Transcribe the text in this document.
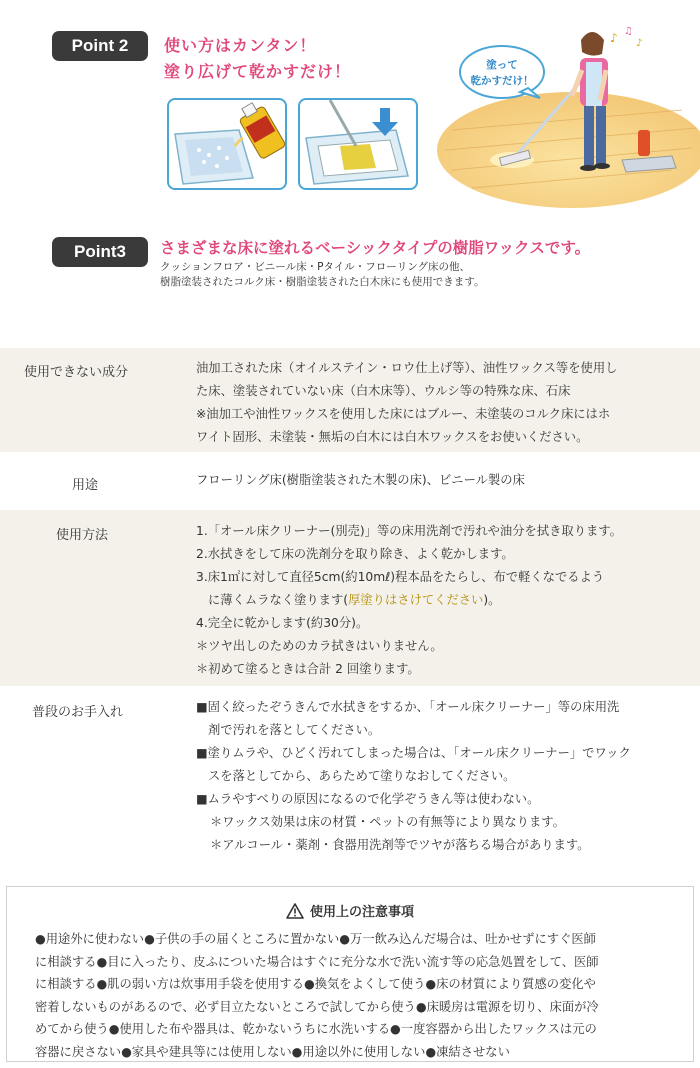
Point 2	使い方はカンタン！
塗り広げて乾かすだけ！
♪ ♫
♪
塗って
乾かすだけ！
Point3	さまざまな床に塗れるベーシックタイプの樹脂ワックスです。
クッションフロア・ビニール床・Pタイル・フローリング床の他、
樹脂塗装されたコルク床・樹脂塗装された白木床にも使用できます。
使用できない成分	油加工された床（オイルステイン・ロウ仕上げ等）、油性ワックス等を使用し
た床、塗装されていない床（白木床等）、ウルシ等の特殊な床、石床
※油加工や油性ワックスを使用した床にはブルー、未塗装のコルク床にはホ
ワイト固形、未塗装・無垢の白木には白木ワックスをお使いください。
用途	フローリング床(樹脂塗装された木製の床)、ビニール製の床
使用方法	1.「オール床クリーナー(別売)」等の床用洗剤で汚れや油分を拭き取ります。
2.水拭きをして床の洗剤分を取り除き、よく乾かします。
3.床1㎡に対して直径5cm(約10mℓ)程本品をたらし、布で軽くなでるよう
に薄くムラなく塗ります(厚塗りはさけてください)。
4.完全に乾かします(約30分)。
＊ツヤ出しのためのカラ拭きはいりません。
＊初めて塗るときは合計 2 回塗ります。
普段のお手入れ	■固く絞ったぞうきんで水拭きをするか、「オール床クリーナー」等の床用洗
剤で汚れを落としてください。
■塗りムラや、ひどく汚れてしまった場合は、「オール床クリーナー」でワック
スを落としてから、あらためて塗りなおしてください。
■ムラやすべりの原因になるので化学ぞうきん等は使わない。
＊ワックス効果は床の材質・ペットの有無等により異なります。
＊アルコール・薬剤・食器用洗剤等でツヤが落ちる場合があります。
使用上の注意事項
●用途外に使わない●子供の手の届くところに置かない●万一飲み込んだ場合は、吐かせずにすぐ医師
に相談する●目に入ったり、皮ふについた場合はすぐに充分な水で洗い流す等の応急処置をして、医師
に相談する●肌の弱い方は炊事用手袋を使用する●換気をよくして使う●床の材質により質感の変化や
密着しないものがあるので、必ず目立たないところで試してから使う●床暖房は電源を切り、床面が冷
めてから使う●使用した布や器具は、乾かないうちに水洗いする●一度容器から出したワックスは元の
容器に戻さない●家具や建具等には使用しない●用途以外に使用しない●凍結させない
